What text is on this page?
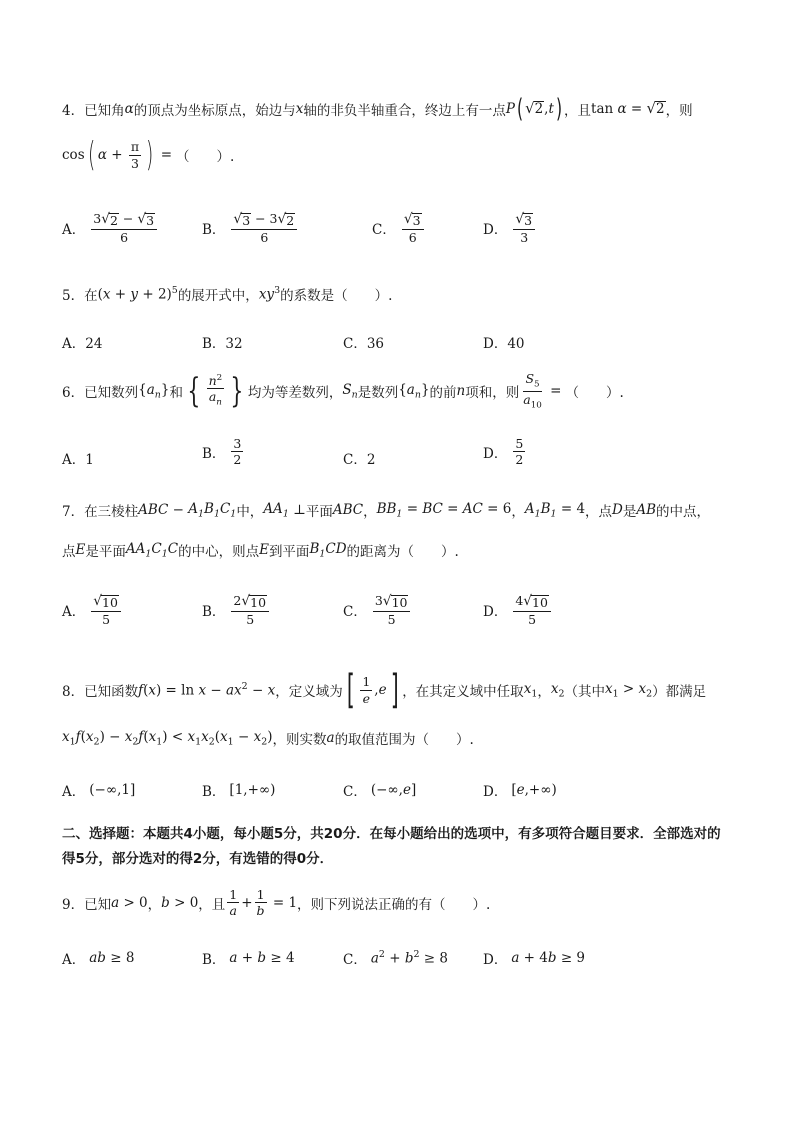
4．已知角 α 的顶点为坐标原点，始边与 x 轴的非负半轴重合，终边上有一点 P ( √ 2 , t ) ，且 tan α = √ 2 ，则
cos ( $\alpha + \frac{\pi}{3}$ ) = （　　）.
A． $\frac{3 √ 2 - √ 3}{6}$	B． $\frac{√ 3 - 3 √ 2}{6}$	C． $\frac{√ 3}{6}$	D． $\frac{√ 3}{3}$
5．在 $(x + y + 2)^5$ 的展开式中， $xy^3$ 的系数是（　　）.
A．24	B．32	C．36	D．40
6．已知数列 $\{a_n\}$ 和 { $\frac{n^2}{a_n}$ } 均为等差数列， $S_n$ 是数列 $\{a_n\}$ 的前 n 项和，则 $\frac{S_5}{a_{10}}$ = （　　）.
A．1	B． $\frac{3}{2}$	C．2	D． $\frac{5}{2}$
7．在三棱柱 ABC − $A_1B_1C_1$ 中， $AA_1$ ⊥ 平面 ABC ， $BB_1$ = BC = AC = 6 ， $A_1B_1 = 4$ ，点 D 是 AB 的中点，
点 E 是平面 $AA_1C_1C$ 的中心，则点 E 到平面 $B_1CD$ 的距离为（　　）.
A． $\frac{√ 10}{5}$	B． $\frac{2 √ 10}{5}$	C． $\frac{3 √ 10}{5}$	D． $\frac{4 √ 10}{5}$
8．已知函数 $f(x) = \ln x - ax^2 - x$ ，定义域为 [ $\frac{1}{e}$ , e ] ，在其定义域中任取 $x_1$ ， $x_2$ （其中 $x_1 > x_2$ ）都满足
$x_1f(x_2) - x_2f(x_1) < x_1x_2(x_1 - x_2)$ ，则实数 a 的取值范围为（　　）.
A． (−∞,1]	B． [1,+∞)	C． (−∞,e]	D． [e,+∞)
二、选择题：本题共4小题，每小题5分，共20分．在每小题给出的选项中，有多项符合题目要求．全部选对的得5分，部分选对的得2分，有选错的得0分．
9．已知 a > 0 ， b > 0 ，且 $\frac{1}{a} + \frac{1}{b} = 1$ ，则下列说法正确的有（　　）.
A． ab ≥ 8	B． a + b ≥ 4	C． $a^2 + b^2 \ge 8$	D． a + 4b ≥ 9
